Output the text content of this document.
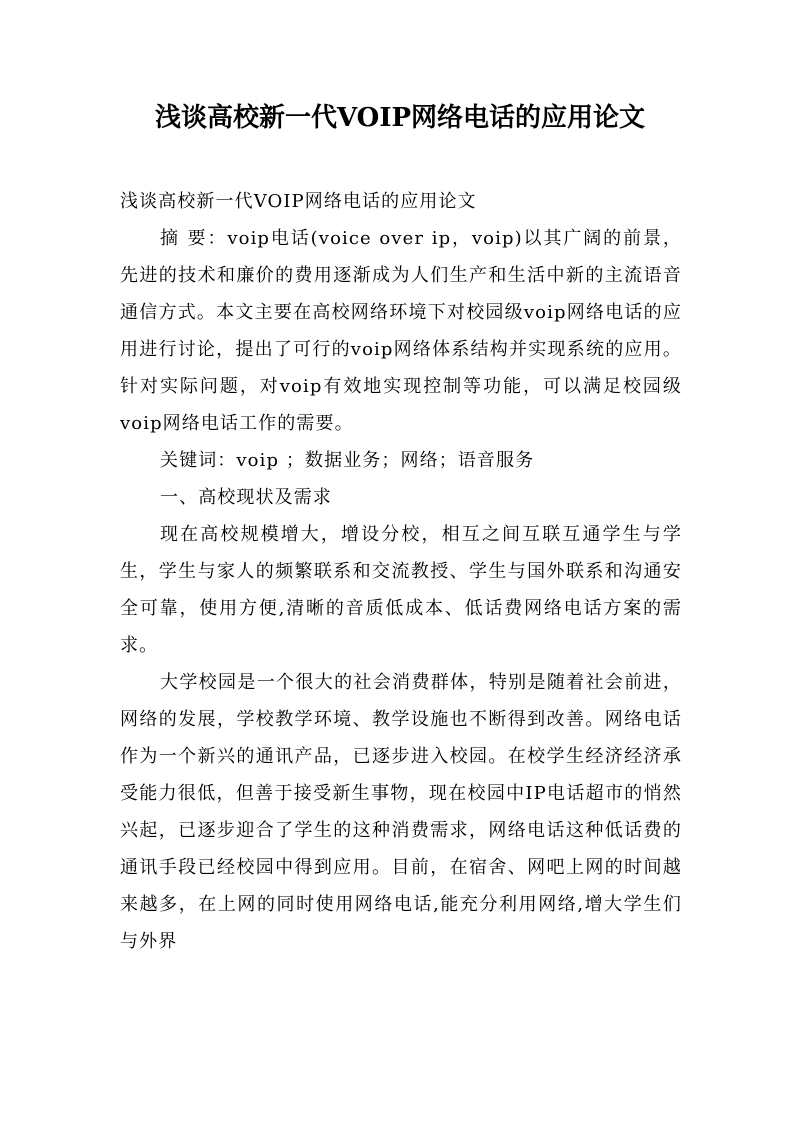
浅谈高校新一代VOIP网络电话的应用论文

浅谈高校新一代VOIP网络电话的应用论文

摘 要：voip电话(voice over ip，voip)以其广阔的前景，先进的技术和廉价的费用逐渐成为人们生产和生活中新的主流语音通信方式。本文主要在高校网络环境下对校园级voip网络电话的应用进行讨论，提出了可行的voip网络体系结构并实现系统的应用。针对实际问题，对voip有效地实现控制等功能，可以满足校园级voip网络电话工作的需要。

关键词：voip ；数据业务；网络；语音服务

一、高校现状及需求

现在高校规模增大，增设分校，相互之间互联互通学生与学生，学生与家人的频繁联系和交流教授、学生与国外联系和沟通安全可靠，使用方便,清晰的音质低成本、低话费网络电话方案的需求。

大学校园是一个很大的社会消费群体，特别是随着社会前进，网络的发展，学校教学环境、教学设施也不断得到改善。网络电话作为一个新兴的通讯产品，已逐步进入校园。在校学生经济经济承受能力很低，但善于接受新生事物，现在校园中IP电话超市的悄然兴起，已逐步迎合了学生的这种消费需求，网络电话这种低话费的通讯手段已经校园中得到应用。目前，在宿舍、网吧上网的时间越来越多，在上网的同时使用网络电话,能充分利用网络,增大学生们与外界
